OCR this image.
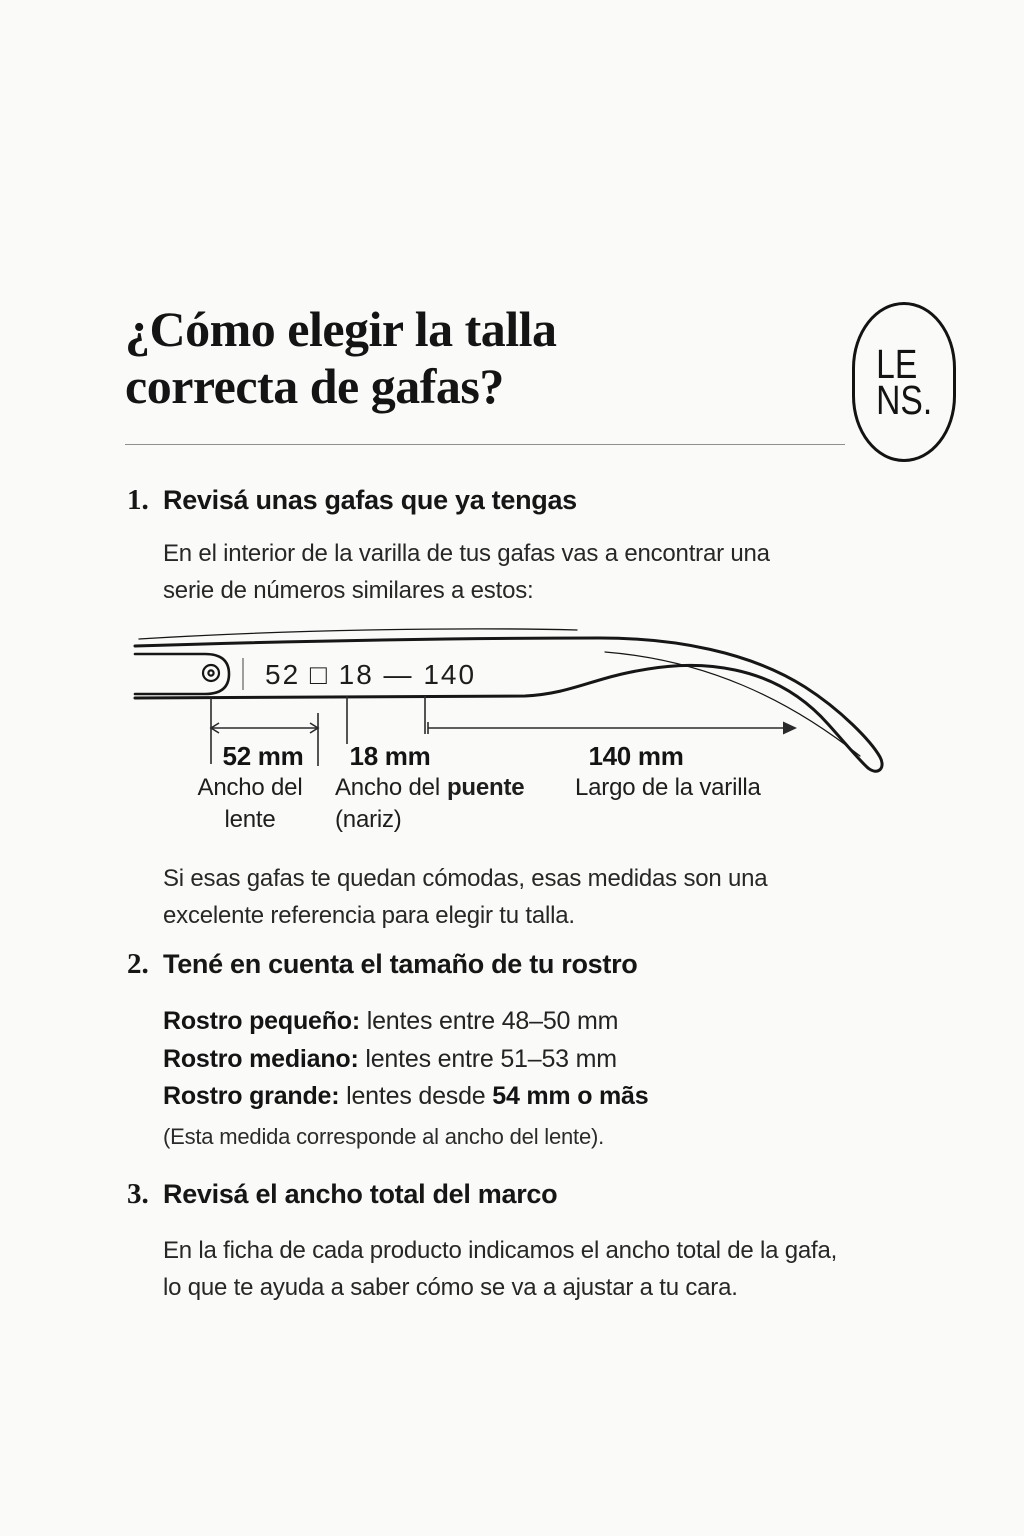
¿Cómo elegir la talla
correcta de gafas?	LE
NS.
1. Revisá unas gafas que ya tengas
En el interior de la varilla de tus gafas vas a encontrar una
serie de números similares a estos:
52 □ 18 — 140
52 mm 18 mm	140 mm
Ancho del
lente
Ancho del puente
(nariz)
Largo de la varilla
Si esas gafas te quedan cómodas, esas medidas son una
excelente referencia para elegir tu talla.
2. Tené en cuenta el tamaño de tu rostro
Rostro pequeño: lentes entre 48–50 mm
Rostro mediano: lentes entre 51–53 mm
Rostro grande: lentes desde 54 mm o mãs
(Esta medida corresponde al ancho del lente).
3. Revisá el ancho total del marco
En la ficha de cada producto indicamos el ancho total de la gafa,
lo que te ayuda a saber cómo se va a ajustar a tu cara.
